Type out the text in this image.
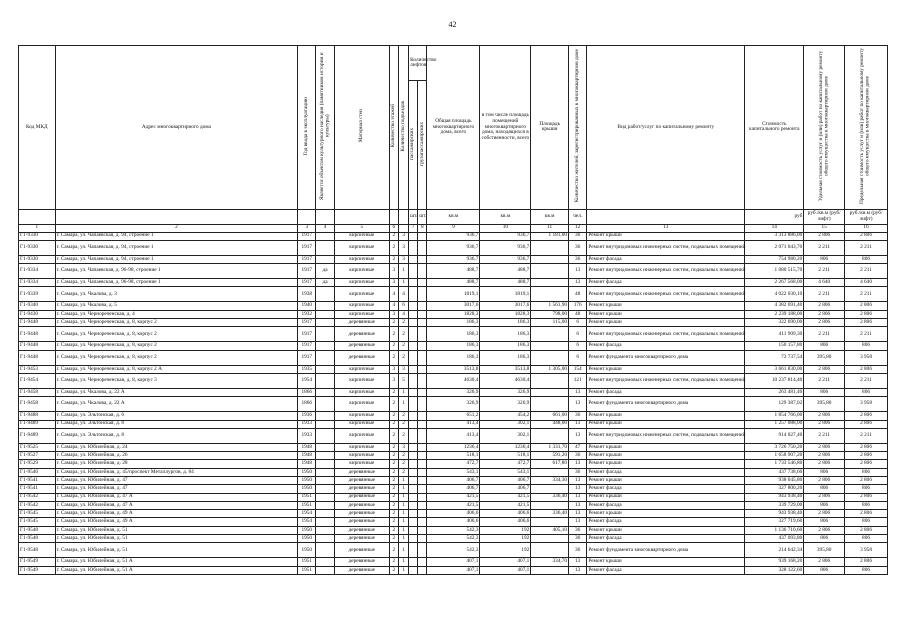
42
Код МКД	Адрес многоквартирного дома	Год ввода в эксплуатацию	Является объектом культурного наследия (памятником истории и культуры)	Материал стен	Количество этажей	Количество подъездов	Количество лифтов		Общая площадь многоквартирного дома, всего	в том числе площадь помещений многоквартирного дома, находящихся в собственности, всего	Площадь крыши	Количество жителей, зарегистрированных в многоквартирном доме	Вид работ/услуг по капитальному ремонту	Стоимость капитального ремонта	Удельная стоимость услуг и (или) работ по капитальному ремонту общего имущества в многоквартирном доме	Предельная стоимость услуг и (или) работ по капитальному ремонту общего имущества в многоквартирном доме
							пассажирских	грузопассажирских								
							шт.	шт.	кв.м	кв.м	кв.м	чел.		руб	руб./кв.м (руб/лифт)	руб./кв.м (руб/лифт)
1	2	3	4	5	6		7	8	9	10	11	12	13	14	15	16
Г1-9330	г. Самара, ул. Чапаевская, д. 94, строение 1	1917		кирпичные	2	3			936,7	936,7	1 181,00	36	Ремонт крыши	3 313 886,00	2 806	2 806
Г1-9330	г. Самара, ул. Чапаевская, д. 94, строение 1	1917		кирпичные	2	3			936,7	936,7		36	Ремонт внутридомовых инженерных систем, подвальных помещений	2 071 043,70	2 211	2 211
Г1-9330	г. Самара, ул. Чапаевская, д. 94, строение 1	1917		кирпичные	2	3			936,7	936,7		36	Ремонт фасада	754 980,20	806	806
Г1-9334	г. Самара, ул. Чапаевская, д. 96-98, строение 1	1917	да	кирпичные	3	1			488,7	488,7		13	Ремонт внутридомовых инженерных систем, подвальных помещений	1 080 515,70	2 211	2 211
Г1-9334	г. Самара, ул. Чапаевская, д. 96-98, строение 1	1917	да	кирпичные	3	1			488,7	488,7		13	Ремонт фасада	2 267 568,00	4 640	4 640
Г1-9339	г. Самара, ул. Чкалова, д. 3	1938		кирпичные	4	4			1819,1	1819,1		48	Ремонт внутридомовых инженерных систем, подвальных помещений	4 022 030,10	2 211	2 211
Г1-9340	г. Самара, ул. Чкалова, д. 5	1940		кирпичные	4	6			3017,6	3017,6	1 561,90	176	Ремонт крыши	4 382 691,40	2 806	2 806
Г1-9430	г. Самара, ул. Чернореченская, д. 4	1932		кирпичные	3	4			1828,3	1828,3	798,00	48	Ремонт крыши	2 239 188,00	2 806	2 806
Г1-9448	г. Самара, ул. Чернореченская, д. 8, корпус 2	1917		деревянные	2	2			186,3	186,3	115,00	6	Ремонт крыши	322 690,00	2 806	2 806
Г1-9448	г. Самара, ул. Чернореченская, д. 8, корпус 2	1917		деревянные	2	2			186,3	186,3		6	Ремонт внутридомовых инженерных систем, подвальных помещений	411 909,30	2 211	2 211
Г1-9448	г. Самара, ул. Чернореченская, д. 8, корпус 2	1917		деревянные	2	2			186,3	186,3		6	Ремонт фасада	150 157,80	806	806
Г1-9448	г. Самара, ул. Чернореченская, д. 8, корпус 2	1917		деревянные	2	2			186,3	186,3		6	Ремонт фундамента многоквартирного дома	73 737,54	395,80	3 958
Г1-9453	г. Самара, ул. Чернореченская, д. 8, корпус 2 А	1935		кирпичные	3	3			3513,8	3513,8	1 305,00	154	Ремонт крыши	3 661 830,00	2 806	2 806
Г1-9454	г. Самара, ул. Чернореченская, д. 8, корпус 3	1954		кирпичные	3	5			4630,4	4630,4		121	Ремонт внутридомовых инженерных систем, подвальных помещений	10 237 814,40	2 211	2 211
Г1-9458	г. Самара, ул. Чкалова, д. 22 А	1866		кирпичные	2	1			326,9	326,9		13	Ремонт фасада	263 481,40	806	806
Г1-9458	г. Самара, ул. Чкалова, д. 22 А	1866		кирпичные	2	1			326,9	326,9		13	Ремонт фундамента многоквартирного дома	129 387,02	395,80	3 958
Г1-9488	г. Самара, ул. Эльтонская, д. 6	1936		кирпичные	2	2			651,2	454,2	661,00	36	Ремонт крыши	1 854 766,00	2 806	2 806
Г1-9489	г. Самара, ул. Эльтонская, д. 8	1933		кирпичные	2	2			413,4	302,1	448,00	13	Ремонт крыши	1 257 088,00	2 806	2 806
Г1-9489	г. Самара, ул. Эльтонская, д. 8	1933		кирпичные	2	2			413,4	302,1		13	Ремонт внутридомовых инженерных систем, подвальных помещений	914 027,40	2 211	2 211
Г1-9525	г. Самара, ул. Юбилейная, д. 24	1948		кирпичные	2	3			1236,4	1236,4	1 331,70	47	Ремонт крыши	3 726 750,20	2 806	2 806
Г1-9527	г. Самара, ул. Юбилейная, д. 26	1948		кирпичные	2	2			518,1	518,1	591,20	36	Ремонт крыши	1 658 907,20	2 806	2 806
Г1-9529	г. Самара, ул. Юбилейная, д. 28	1948		кирпичные	2	2			472,7	472,7	617,80	13	Ремонт крыши	1 733 546,80	2 806	2 806
Г1-9540	г. Самара, ул. Юбилейная, д. 45/проспект Металлургов, д. 84	1950		деревянные	2	2			543,1	543,1		36	Ремонт фасада	437 738,60	806	806
Г1-9541	г. Самара, ул. Юбилейная, д. 47	1950		деревянные	2	1			406,7	406,7	334,30	13	Ремонт крыши	938 045,80	2 806	2 806
Г1-9541	г. Самара, ул. Юбилейная, д. 47	1950		деревянные	2	1			406,7	406,7		13	Ремонт фасада	327 800,20	806	806
Г1-9542	г. Самара, ул. Юбилейная, д. 47 А	1951		деревянные	2	1			421,5	421,5	336,40	13	Ремонт крыши	943 938,40	2 806	2 806
Г1-9542	г. Самара, ул. Юбилейная, д. 47 А	1951		деревянные	2	1			421,5	421,5		13	Ремонт фасада	339 729,00	806	806
Г1-9545	г. Самара, ул. Юбилейная, д. 49 А	1954		деревянные	2	1			406,6	406,6	336,40	13	Ремонт крыши	943 938,40	2 806	2 806
Г1-9545	г. Самара, ул. Юбилейная, д. 49 А	1954		деревянные	2	1			406,6	406,6		13	Ремонт фасада	327 719,60	806	806
Г1-9548	г. Самара, ул. Юбилейная, д. 51	1950		деревянные	2	1			542,3	192	405,10	36	Ремонт крыши	1 136 710,60	2 806	2 806
Г1-9548	г. Самара, ул. Юбилейная, д. 51	1950		деревянные	2	1			542,3	192		36	Ремонт фасада	437 093,80	806	806
Г1-9548	г. Самара, ул. Юбилейная, д. 51	1950		деревянные	2	1			542,3	192		36	Ремонт фундамента многоквартирного дома	214 642,34	395,80	3 958
Г1-9549	г. Самара, ул. Юбилейная, д. 51 А	1951		деревянные	2	1			407,1	407,1	334,70	13	Ремонт крыши	939 168,20	2 806	2 806
Г1-9549	г. Самара, ул. Юбилейная, д. 51 А	1951		деревянные	2	1			407,1	407,1		13	Ремонт фасада	328 122,60	806	806
